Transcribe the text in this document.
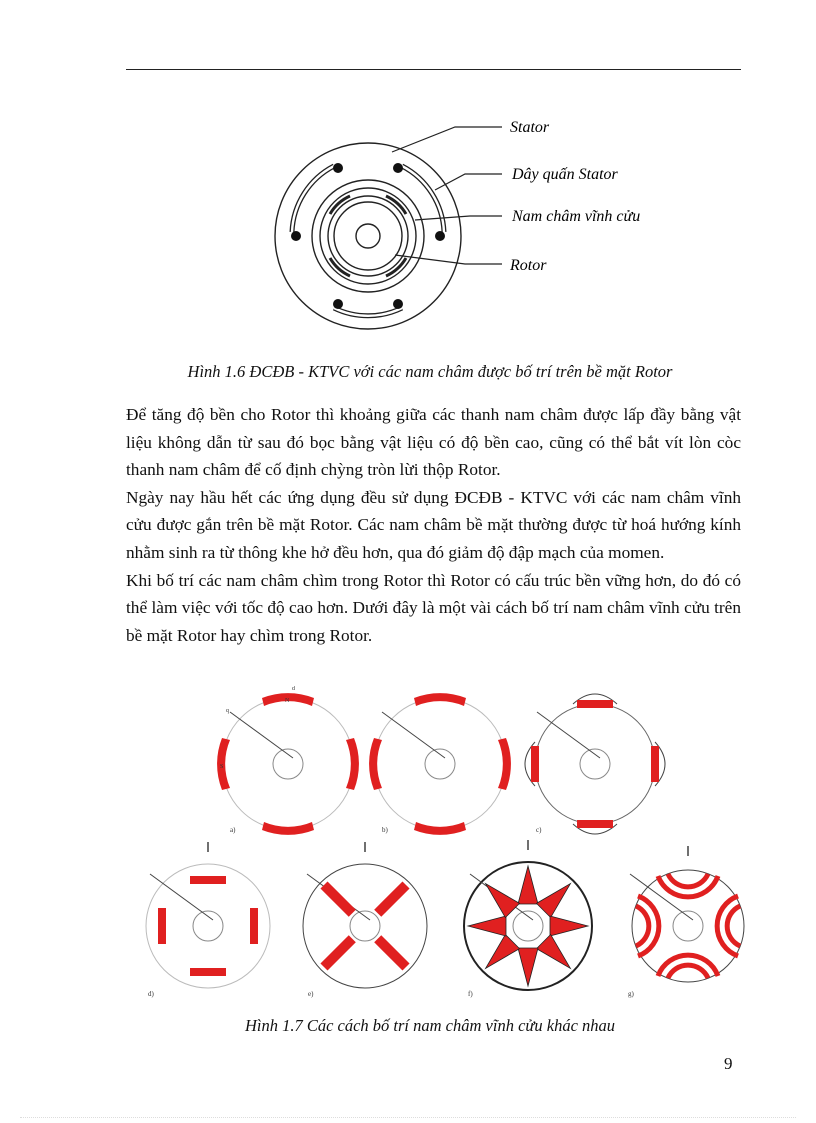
Stator
Dây quấn Stator
Nam châm vĩnh cửu
Rotor
Hình 1.6 ĐCĐB - KTVC với các nam châm được bố trí trên bề mặt Rotor

Để tăng độ bền cho Rotor thì khoảng giữa các thanh nam châm được lấp đầy bằng vật liệu không dẫn từ sau đó bọc bằng vật liệu có độ bền cao, cũng có thể bắt vít lòn còc thanh nam châm để cố định chỳng tròn lừi thộp Rotor.

Ngày nay hầu hết các ứng dụng đều sử dụng ĐCĐB - KTVC với các nam châm vĩnh cửu được gắn trên bề mặt Rotor. Các nam châm bề mặt thường được từ hoá hướng kính nhằm sinh ra từ thông khe hở đều hơn, qua đó giảm độ đập mạch của momen.

Khi bố trí các nam châm chìm trong Rotor thì Rotor có cấu trúc bền vững hơn, do đó có thể làm việc với tốc độ cao hơn. Dưới đây là một vài cách bố trí nam châm vĩnh cửu trên bề mặt Rotor hay chìm trong Rotor.

d
q
N
S
a)	b)	c)
d)	e)	f)	g)
Hình 1.7 Các cách bố trí nam châm vĩnh cửu khác nhau
9
